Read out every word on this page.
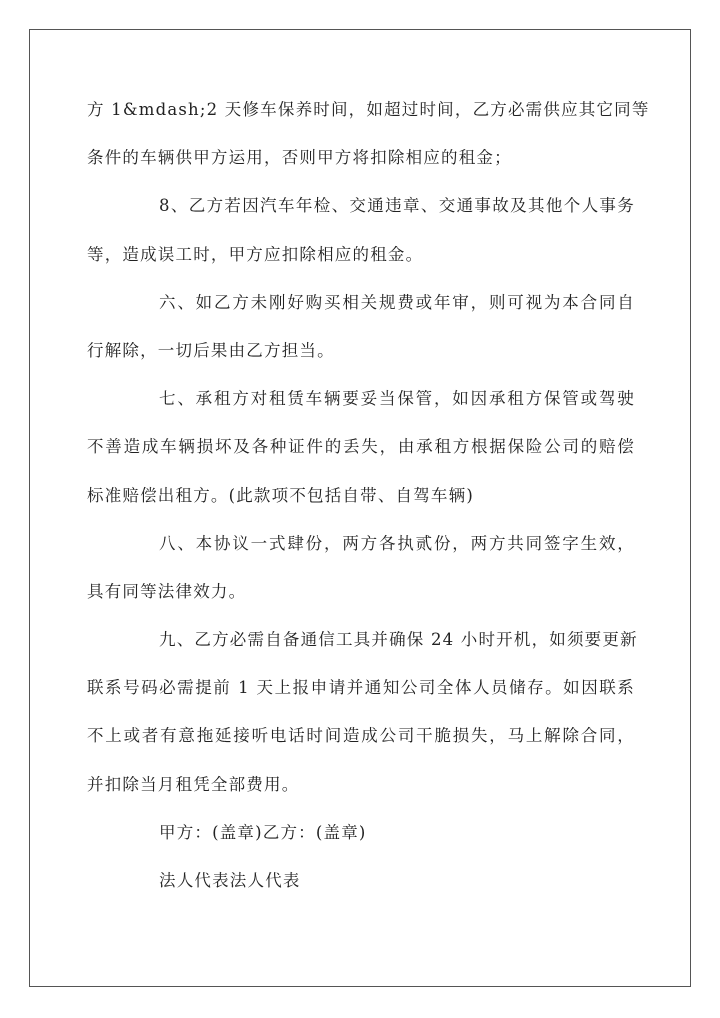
方 1&mdash;2 天修车保养时间，如超过时间，乙方必需供应其它同等
条件的车辆供甲方运用，否则甲方将扣除相应的租金；
8、乙方若因汽车年检、交通违章、交通事故及其他个人事务
等，造成误工时，甲方应扣除相应的租金。
六、如乙方未刚好购买相关规费或年审，则可视为本合同自
行解除，一切后果由乙方担当。
七、承租方对租赁车辆要妥当保管，如因承租方保管或驾驶
不善造成车辆损坏及各种证件的丢失，由承租方根据保险公司的赔偿
标准赔偿出租方。(此款项不包括自带、自驾车辆)
八、本协议一式肆份，两方各执贰份，两方共同签字生效，
具有同等法律效力。
九、乙方必需自备通信工具并确保 24 小时开机，如须要更新
联系号码必需提前 1 天上报申请并通知公司全体人员储存。如因联系
不上或者有意拖延接听电话时间造成公司干脆损失，马上解除合同，
并扣除当月租凭全部费用。
甲方：(盖章)乙方：(盖章)
法人代表法人代表
